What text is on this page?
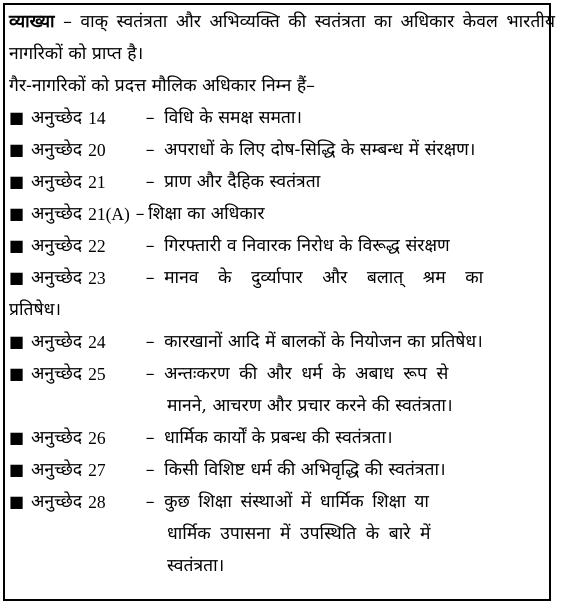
व्याख्या – वाक् स्वतंत्रता और अभिव्यक्ति की स्वतंत्रता का अधिकार केवल भारतीय नागरिकों को प्राप्त है।
गैर-नागरिकों को प्रदत्त मौलिक अधिकार निम्न हैं–
■ अनुच्छेद 14	– विधि के समक्ष समता।
■ अनुच्छेद 20	– अपराधों के लिए दोष-सिद्धि के सम्बन्ध में संरक्षण।
■ अनुच्छेद 21	– प्राण और दैहिक स्वतंत्रता
■ अनुच्छेद 21(A) – शिक्षा का अधिकार
■ अनुच्छेद 22	– गिरफ्तारी व निवारक निरोध के विरूद्ध संरक्षण
■ अनुच्छेद 23	– मानव के दुर्व्यापार और बलात् श्रम का
प्रतिषेध।
■ अनुच्छेद 24	– कारखानों आदि में बालकों के नियोजन का प्रतिषेध।
■ अनुच्छेद 25	– अन्तःकरण की और धर्म के अबाध रूप से
मानने, आचरण और प्रचार करने की स्वतंत्रता।
■ अनुच्छेद 26	– धार्मिक कार्यों के प्रबन्ध की स्वतंत्रता।
■ अनुच्छेद 27	– किसी विशिष्ट धर्म की अभिवृद्धि की स्वतंत्रता।
■ अनुच्छेद 28	– कुछ शिक्षा संस्थाओं में धार्मिक शिक्षा या
धार्मिक उपासना में उपस्थिति के बारे में
स्वतंत्रता।
